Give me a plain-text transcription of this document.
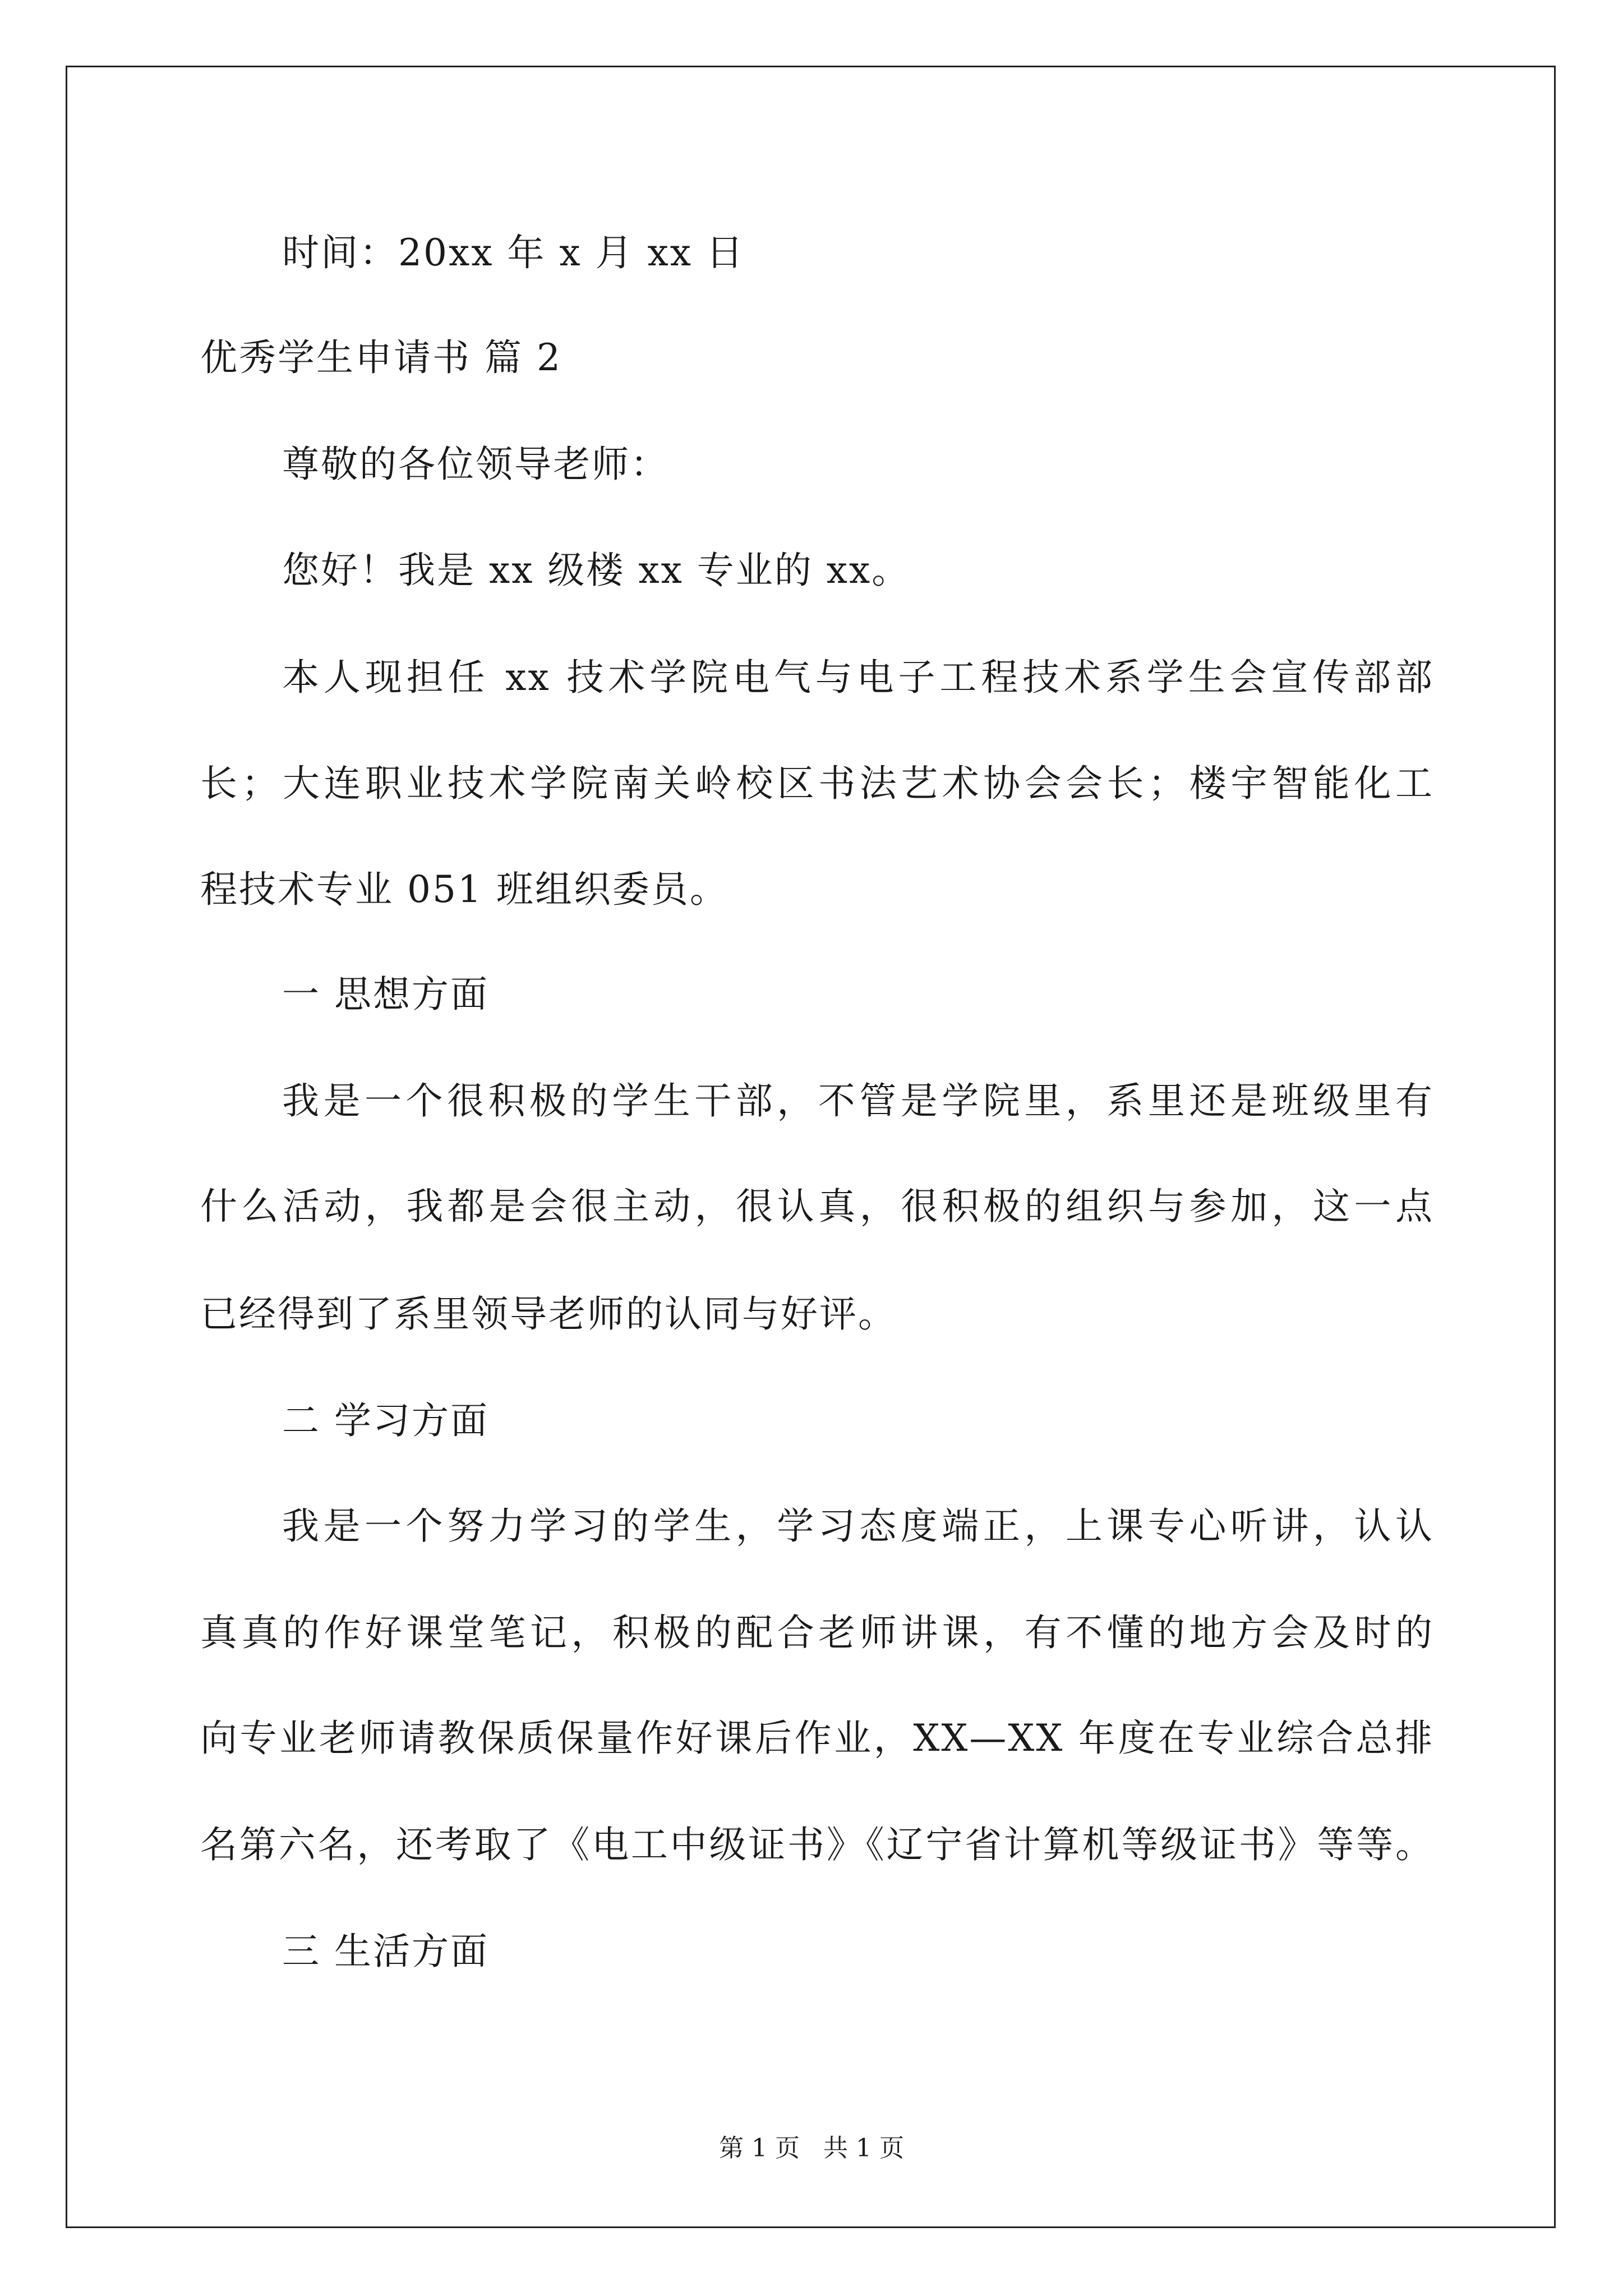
时间：20xx 年 x 月 xx 日
优秀学生申请书 篇 2
尊敬的各位领导老师：
您好！我是 xx 级楼 xx 专业的 xx。
本人现担任 xx 技术学院电气与电子工程技术系学生会宣传部部
长；大连职业技术学院南关岭校区书法艺术协会会长；楼宇智能化工
程技术专业 051 班组织委员。
一 思想方面
我是一个很积极的学生干部，不管是学院里，系里还是班级里有
什么活动，我都是会很主动，很认真，很积极的组织与参加，这一点
已经得到了系里领导老师的认同与好评。
二 学习方面
我是一个努力学习的学生，学习态度端正，上课专心听讲，认认
真真的作好课堂笔记，积极的配合老师讲课，有不懂的地方会及时的
向专业老师请教保质保量作好课后作业，XX—XX 年度在专业综合总排
名第六名，还考取了《电工中级证书》《辽宁省计算机等级证书》等等。
三 生活方面
第 1 页   共 1 页
